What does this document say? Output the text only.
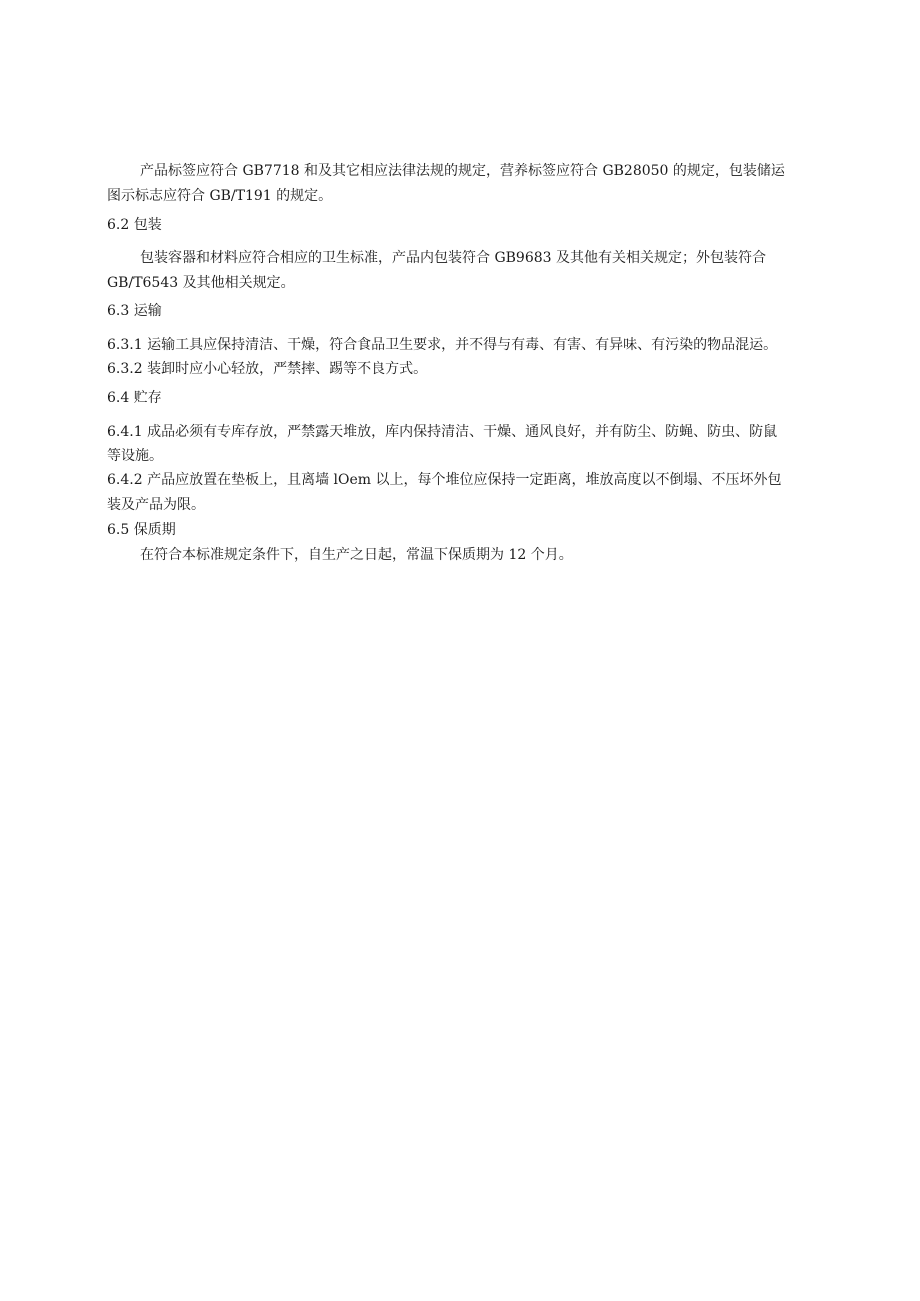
产品标签应符合 GB7718 和及其它相应法律法规的规定，营养标签应符合 GB28050 的规定，包装储运
图示标志应符合 GB/T191 的规定。
6.2 包装
包装容器和材料应符合相应的卫生标准，产品内包装符合 GB9683 及其他有关相关规定；外包装符合
GB/T6543 及其他相关规定。
6.3 运输
6.3.1 运输工具应保持清洁、干燥，符合食品卫生要求，并不得与有毒、有害、有异味、有污染的物品混运。
6.3.2 装卸时应小心轻放，严禁摔、踢等不良方式。
6.4 贮存
6.4.1 成品必须有专库存放，严禁露天堆放，库内保持清洁、干燥、通风良好，并有防尘、防蝇、防虫、防鼠
等设施。
6.4.2 产品应放置在垫板上，且离墙 lOem 以上，每个堆位应保持一定距离，堆放高度以不倒塌、不压坏外包
装及产品为限。
6.5 保质期
在符合本标准规定条件下，自生产之日起，常温下保质期为 12 个月。
